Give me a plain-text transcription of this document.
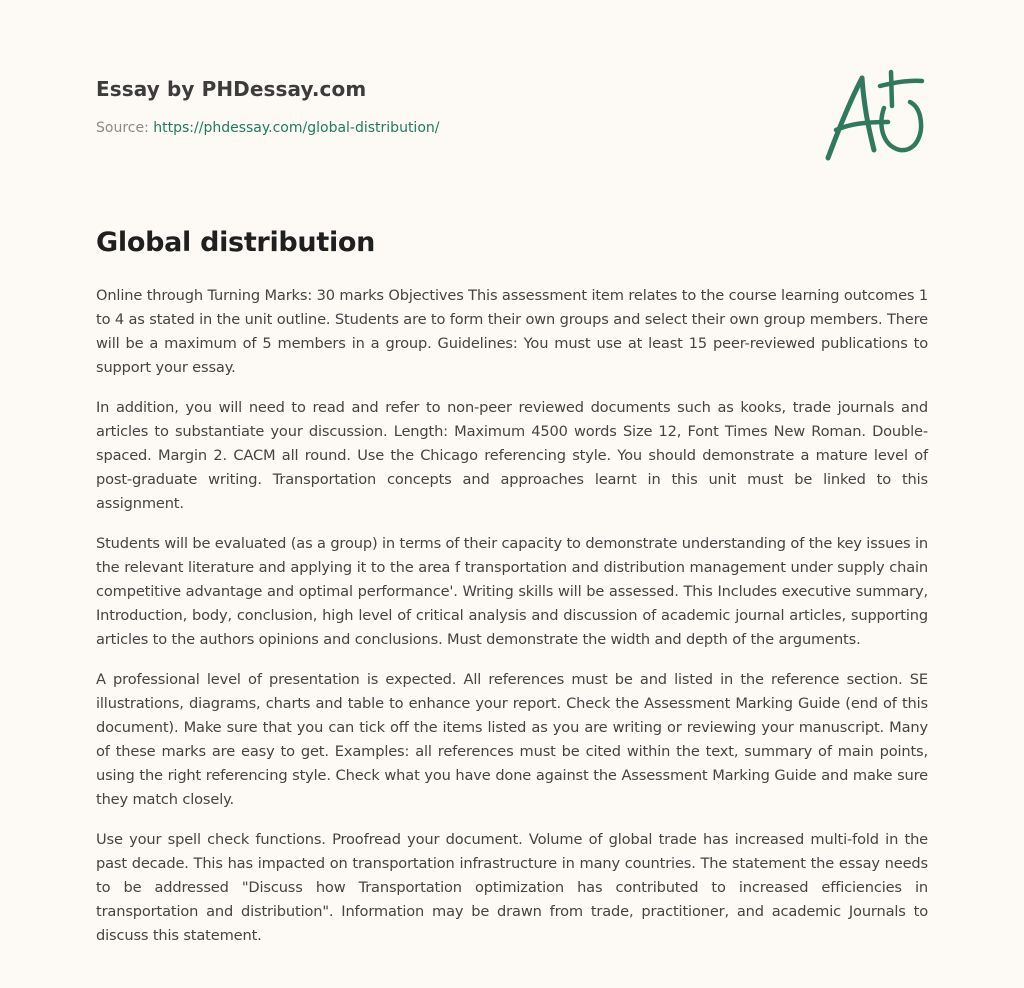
Essay by PHDessay.com
Source: https://phdessay.com/global-distribution/
Global distribution

Online through Turning Marks: 30 marks Objectives This assessment item relates to the course learning outcomes 1 to 4 as stated in the unit outline. Students are to form their own groups and select their own group members. There will be a maximum of 5 members in a group. Guidelines: You must use at least 15 peer-reviewed publications to support your essay.

In addition, you will need to read and refer to non-peer reviewed documents such as kooks, trade journals and articles to substantiate your discussion. Length: Maximum 4500 words Size 12, Font Times New Roman. Double-spaced. Margin 2. CACM all round. Use the Chicago referencing style. You should demonstrate a mature level of post-graduate writing. Transportation concepts and approaches learnt in this unit must be linked to this assignment.

Students will be evaluated (as a group) in terms of their capacity to demonstrate understanding of the key issues in the relevant literature and applying it to the area f transportation and distribution management under supply chain competitive advantage and optimal performance'. Writing skills will be assessed. This Includes executive summary, Introduction, body, conclusion, high level of critical analysis and discussion of academic journal articles, supporting articles to the authors opinions and conclusions. Must demonstrate the width and depth of the arguments.

A professional level of presentation is expected. All references must be and listed in the reference section. SE illustrations, diagrams, charts and table to enhance your report. Check the Assessment Marking Guide (end of this document). Make sure that you can tick off the items listed as you are writing or reviewing your manuscript. Many of these marks are easy to get. Examples: all references must be cited within the text, summary of main points, using the right referencing style. Check what you have done against the Assessment Marking Guide and make sure they match closely.

Use your spell check functions. Proofread your document. Volume of global trade has increased multi-fold in the past decade. This has impacted on transportation infrastructure in many countries. The statement the essay needs to be addressed "Discuss how Transportation optimization has contributed to increased efficiencies in transportation and distribution". Information may be drawn from trade, practitioner, and academic Journals to discuss this statement.
